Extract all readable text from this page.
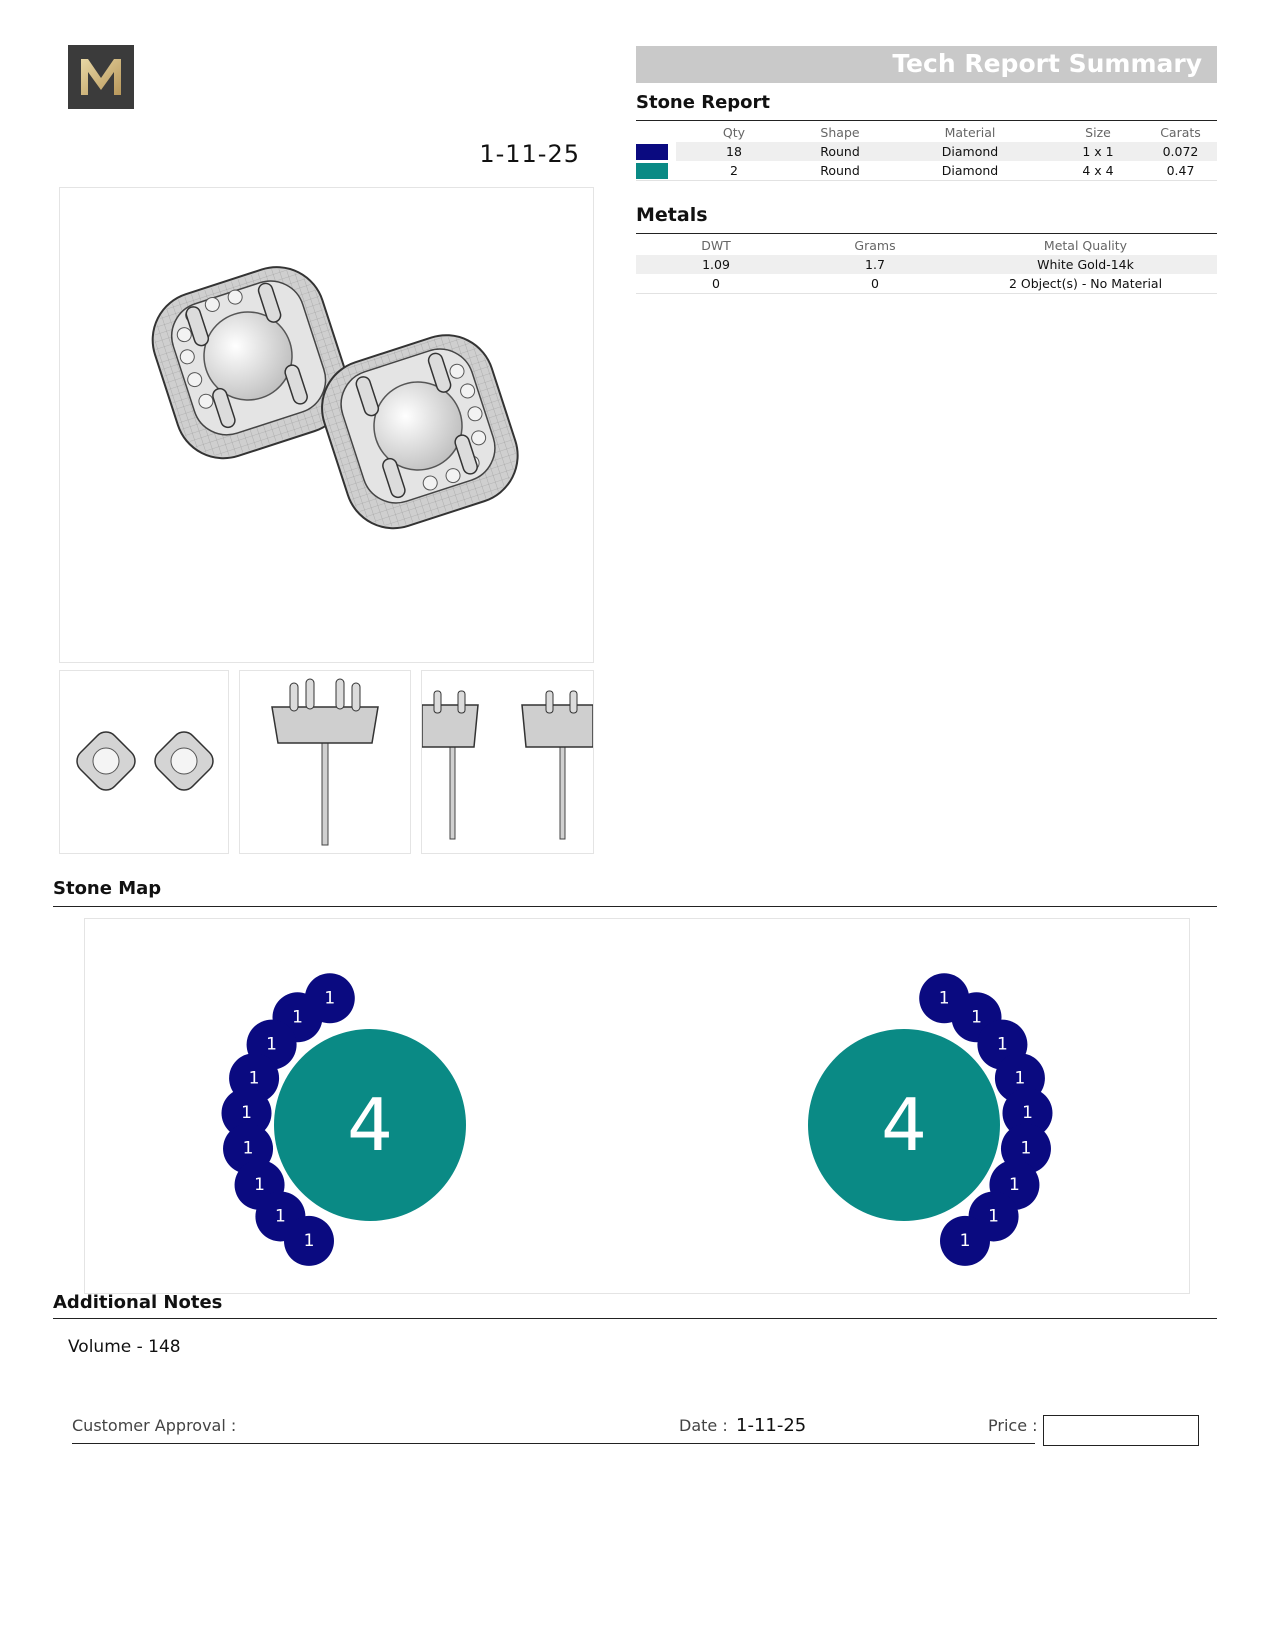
1-11-25
Tech Report Summary
Stone Report
	Qty	Shape	Material	Size	Carats
	18	Round	Diamond	1 x 1	0.072
	2	Round	Diamond	4 x 4	0.47
Metals
DWT	Grams	Metal Quality
1.09	1.7	White Gold-14k
0	0	2 Object(s) - No Material
Stone Map
4
1
1
1
1
1
1
1
1
1
4
1
1
1
1
1
1
1
1
1
Additional Notes
Volume - 148
Customer Approval :	Date : 1-11-25	Price :
